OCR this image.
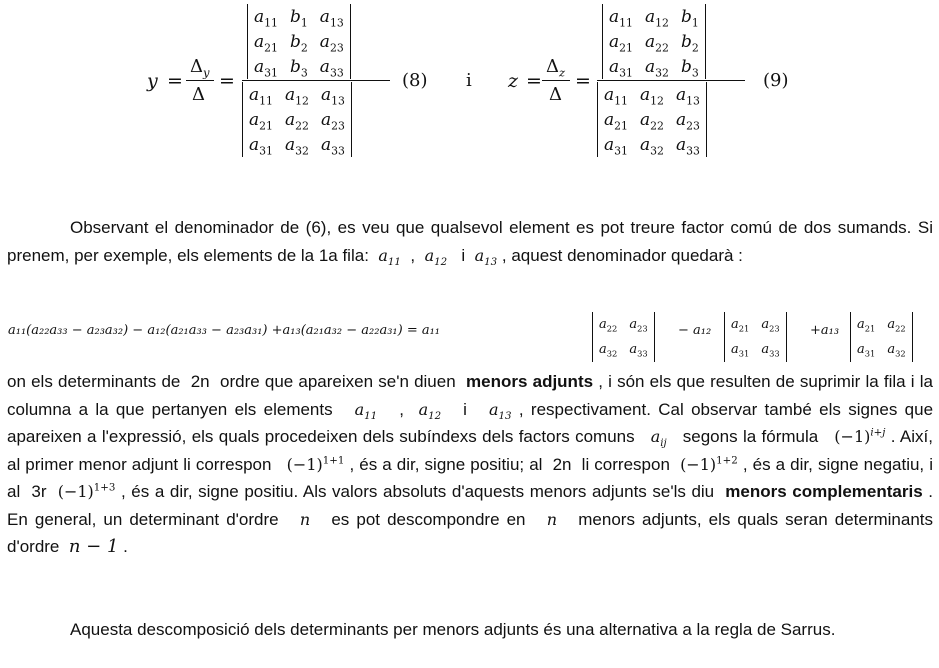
y =
$\Delta_y$
Δ
=
$a_{11}$	$b_1$	$a_{13}$
$a_{21}$	$b_2$	$a_{23}$
$a_{31}$	$b_3$	$a_{33}$
$a_{11}$	$a_{12}$	$a_{13}$
$a_{21}$	$a_{22}$	$a_{23}$
$a_{31}$	$a_{32}$	$a_{33}$
(8) i z =
$\Delta_z$
Δ
=
$a_{11}$	$a_{12}$	$b_1$
$a_{21}$	$a_{22}$	$b_2$
$a_{31}$	$a_{32}$	$b_3$
$a_{11}$	$a_{12}$	$a_{13}$
$a_{21}$	$a_{22}$	$a_{23}$
$a_{31}$	$a_{32}$	$a_{33}$
(9)
Observant el denominador de (6), es veu que qualsevol element es pot treure factor comú de dos sumands. Si prenem, per exemple, els elements de la 1a fila: $a_{11}$ , $a_{12}$ i $a_{13}$ , aquest denominador quedarà :
a₁₁(a₂₂a₃₃ − a₂₃a₃₂) − a₁₂(a₂₁a₃₃ − a₂₃a₃₁) +a₁₃(a₂₁a₃₂ − a₂₂a₃₁) = a₁₁	$a_{22}$	$a_{23}$
$a_{32}$	$a_{33}$
− a₁₂ $a_{21}$	$a_{23}$
$a_{31}$	$a_{33}$
+a₁₃ $a_{21}$	$a_{22}$
$a_{31}$	$a_{32}$
on els determinants de 2n ordre que apareixen se'n diuen menors adjunts , i són els que resulten de suprimir la fila i la columna a la que pertanyen els elements $a_{11}$ , $a_{12}$ i $a_{13}$ , respectivament. Cal observar també els signes que apareixen a l'expressió, els quals procedeixen dels subíndexs dels factors comuns $a_{ij}$ segons la fórmula $(-1)^{i+j}$ . Així, al primer menor adjunt li correspon $(-1)^{1+1}$ , és a dir, signe positiu; al 2n li correspon $(-1)^{1+2}$ , és a dir, signe negatiu, i al 3r $(-1)^{1+3}$ , és a dir, signe positiu. Als valors absoluts d'aquests menors adjunts se'ls diu menors complementaris . En general, un determinant d'ordre n es pot descompondre en n menors adjunts, els quals seran determinants d'ordre n − 1 .
Aquesta descomposició dels determinants per menors adjunts és una alternativa a la regla de Sarrus.
